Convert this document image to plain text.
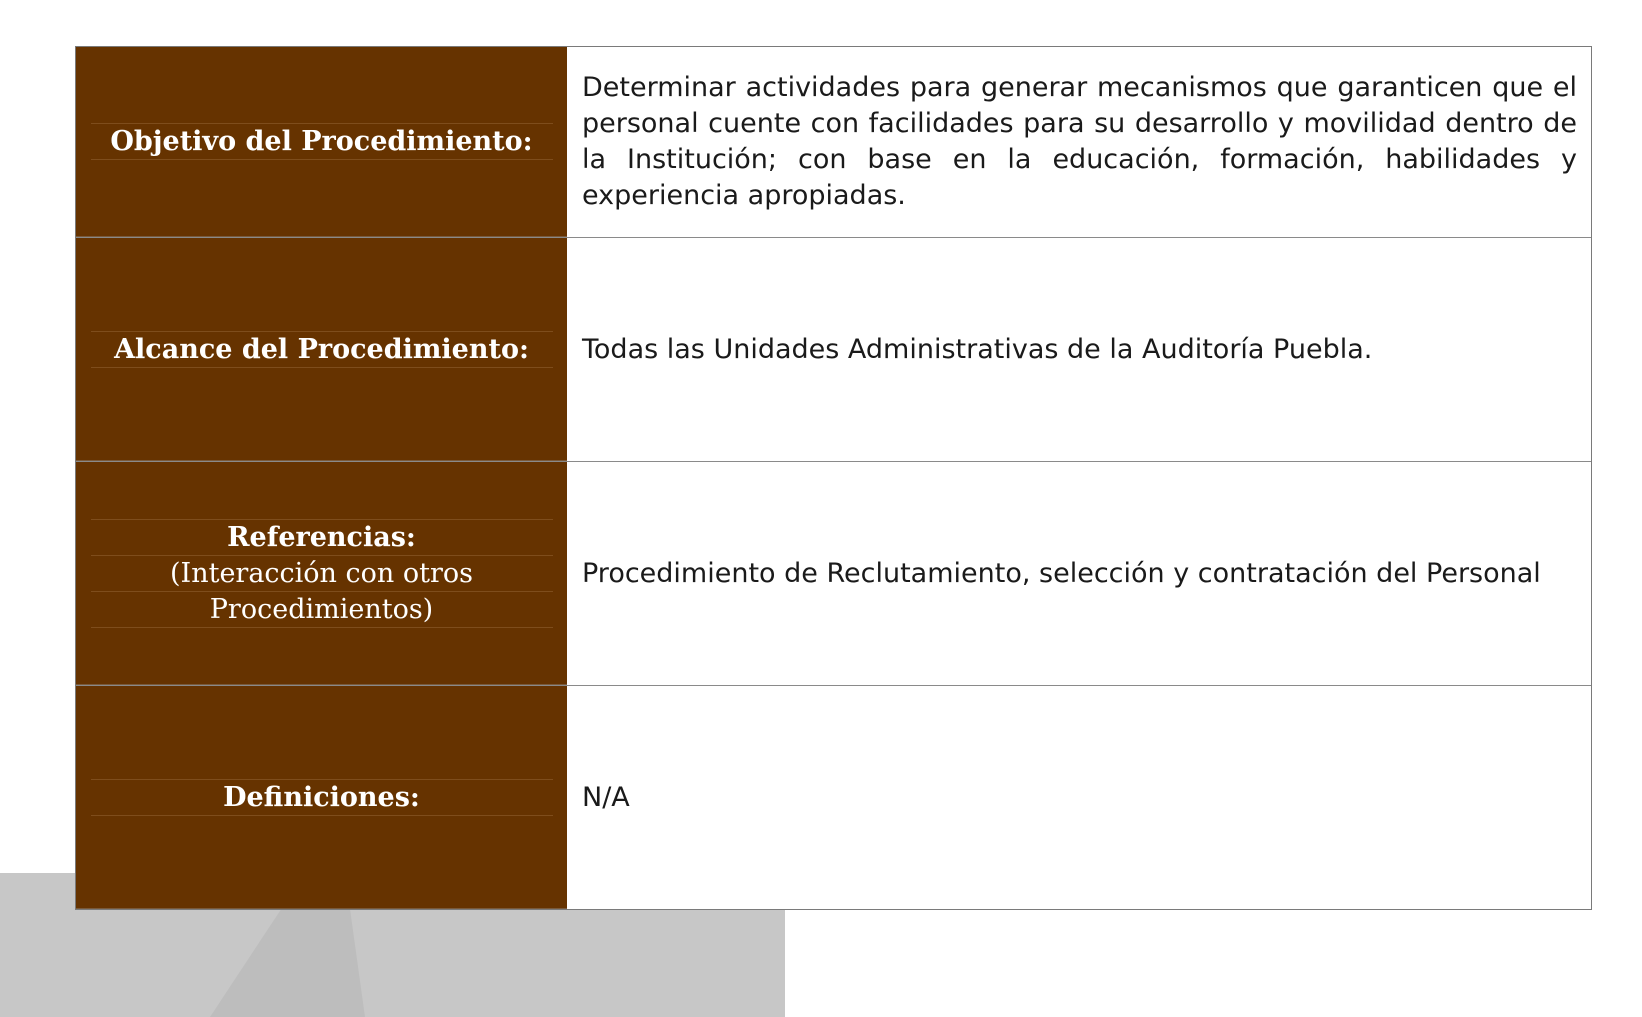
Objetivo del Procedimiento:
Determinar actividades para generar mecanismos que garanticen que el personal cuente con facilidades para su desarrollo y movilidad dentro de la Institución; con base en la educación, formación, habilidades y experiencia apropiadas.
Alcance del Procedimiento:	Todas las Unidades Administrativas de la Auditoría Puebla.
Referencias:
(Interacción con otros
Procedimientos)
Procedimiento de Reclutamiento, selección y contratación del Personal
Definiciones:	N/A
